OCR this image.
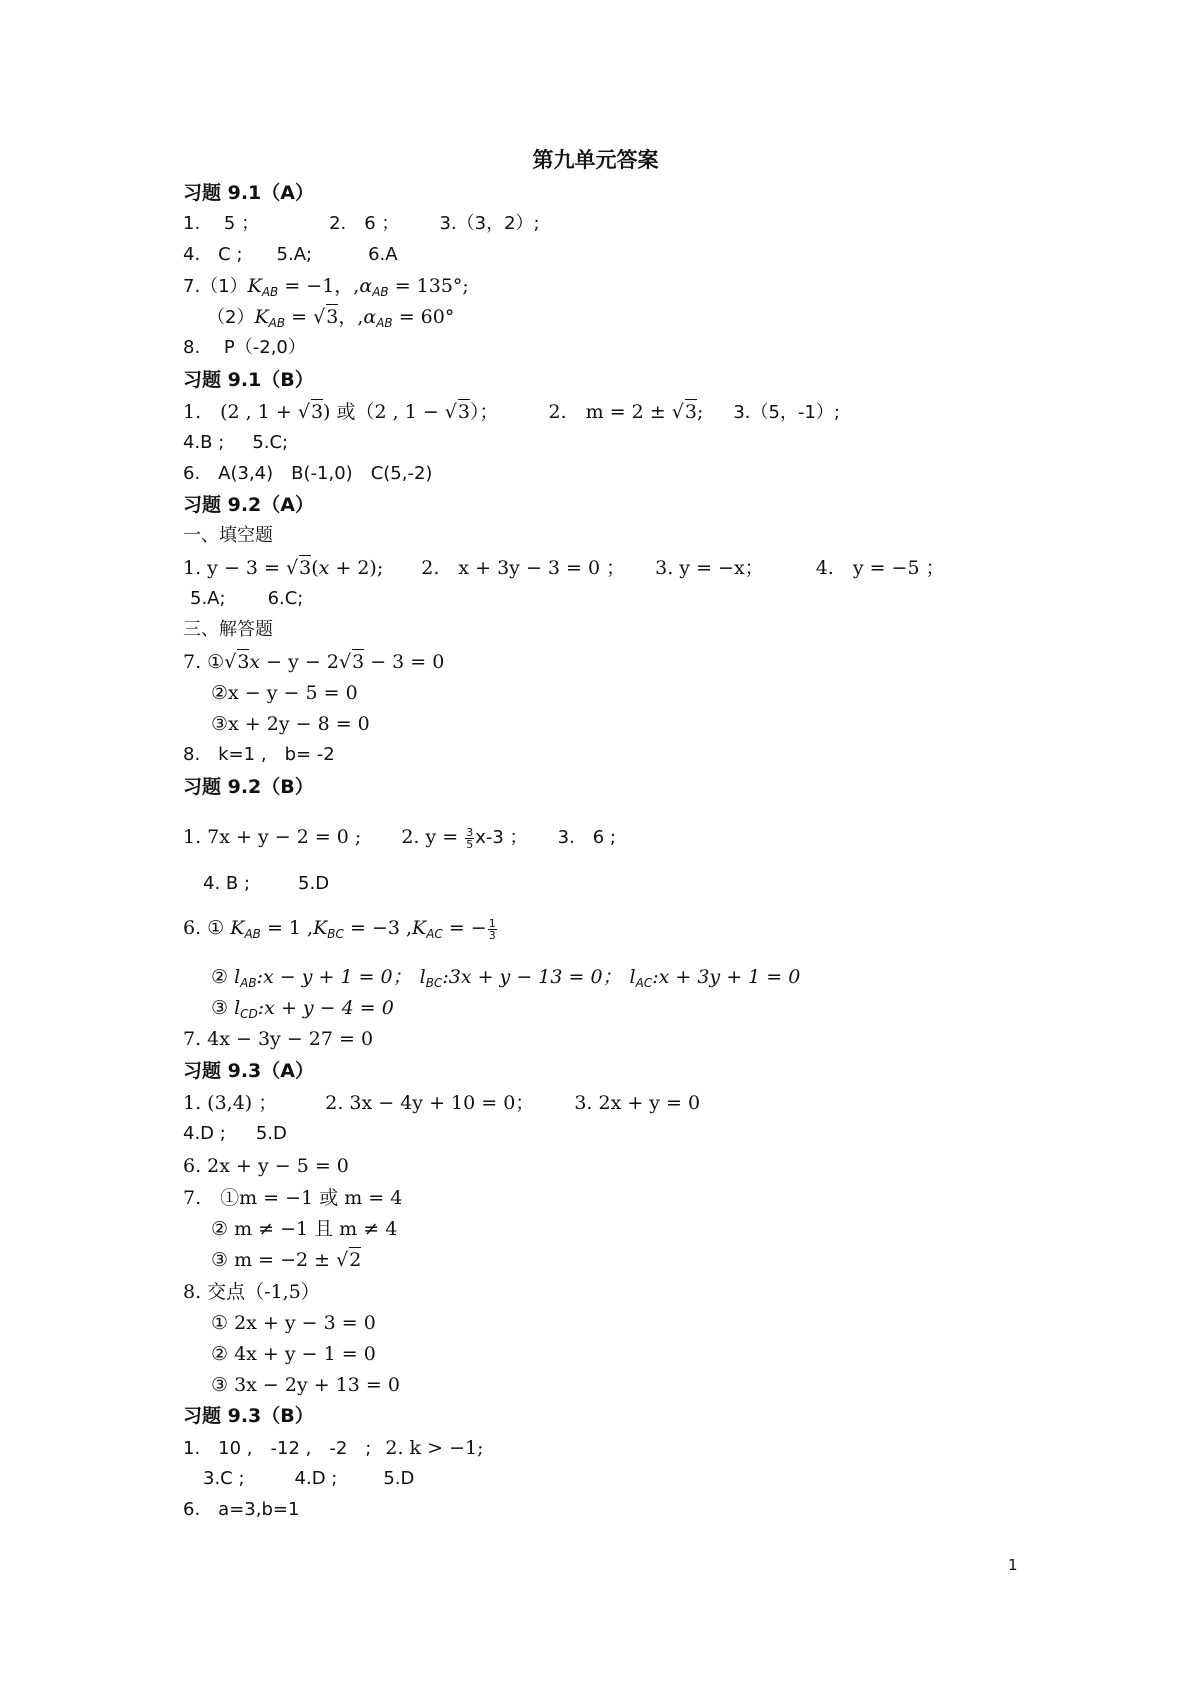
第九单元答案
习题 9.1（A）
1.　 5 ；	2.　6 ； 3.（3，2）;
4.　C ; 5.A;	6.A
$7.(1)K_{AB} = -1$，$,\alpha_{AB} = 135^\circ$;
$(2)K_{AB} = √3$，$,\alpha_{AB} = 60^\circ$
8.　 P（-2,0）
习题 9.1（B）
1.　(2 , 1 + √3) 或（2 , 1 − √3）；	2.　m = 2 ± √3; 3.（5，-1）;
4.B ; 5.C;
6.　A(3,4) B(-1,0) C(5,-2)
习题 9.2（A）
一、填空题
1. y − 3 = √3(x + 2); 2.　x + 3y − 3 = 0 ； 3. y = −x；	4.　y = −5 ；
5.A; 6.C;
三、解答题
7. ①√3x − y − 2√3 − 3 = 0
②x − y − 5 = 0
③x + 2y − 8 = 0
8.　k=1 ,　b= -2
习题 9.2（B）
1. 7x + y − 2 = 0 ; 2. $y = \frac{3}{5} x-3$ ； 3.　6 ;
4. B ;	5.D
6. ① $K_{AB} = 1$ $,K_{BC} = -3$ $,K_{AC}$ = − $\frac{1}{3}$
② $l_{AB}:x - y + 1 = 0$； $l_{BC}:3x + y - 13 = 0$； $l_{AC}:x + 3y + 1 = 0$
③ $l_{CD}:x + y - 4 = 0$
7. 4x − 3y − 27 = 0
习题 9.3（A）
1. (3,4) ；	2. 3x − 4y + 10 = 0； 3. 2x + y = 0
4.D ; 5.D
6. 2x + y − 5 = 0
7.　①m = −1 或 m = 4
② m ≠ −1 且 m ≠ 4
③ m = −2 ± √2
8. 交点（-1,5）
① 2x + y − 3 = 0
② 4x + y − 1 = 0
③ 3x − 2y + 13 = 0
习题 9.3（B）
1.　10 ,　-12 ,　-2　; 2. k > −1;
3.C ;	4.D ;	5.D
6.　a=3,b=1
1
